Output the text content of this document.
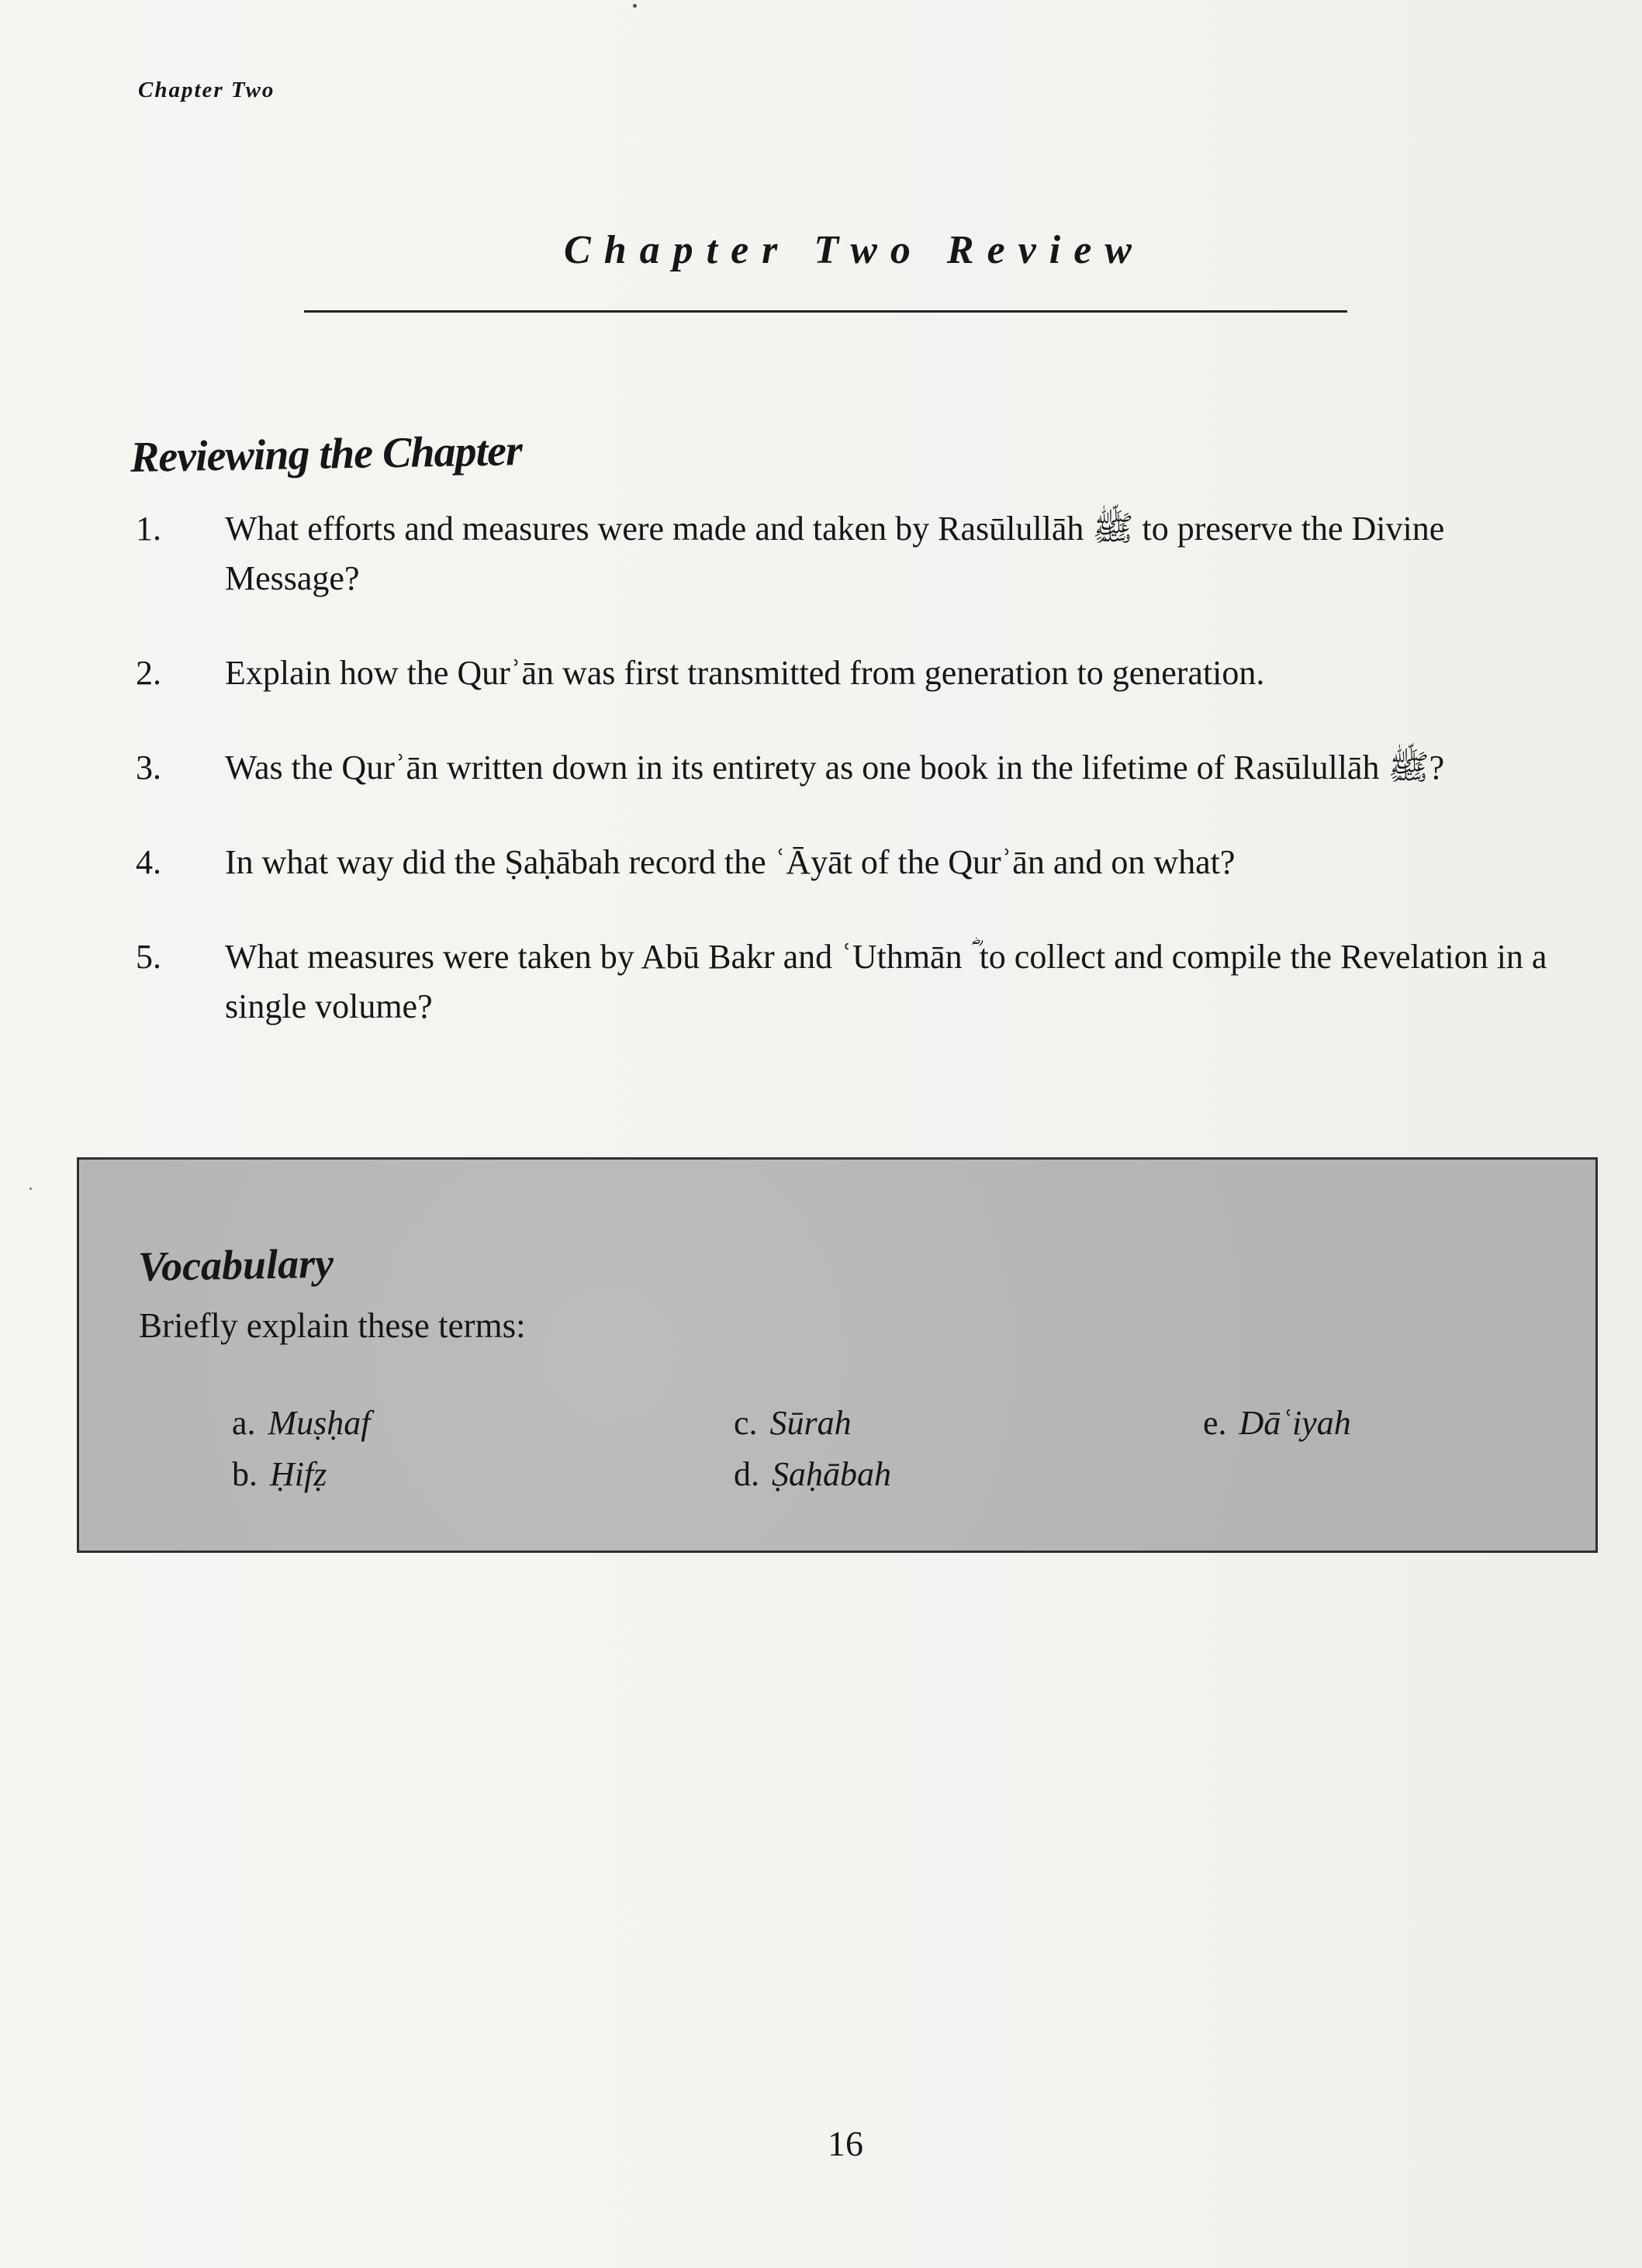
Chapter Two
Chapter Two Review
Reviewing the Chapter
1. What efforts and measures were made and taken by Rasūlullāh ﷺ to preserve the Divine Message?
2. Explain how the Qurʾān was first transmitted from generation to generation.
3. Was the Qurʾān written down in its entirety as one book in the lifetime of Rasūlullāh ﷺ?
4. In what way did the Ṣaḥābah record the ʿĀyāt of the Qurʾān and on what?
5. What measures were taken by Abū Bakr and ʿUthmān ؓ to collect and compile the Revelation in a single volume?
Vocabulary
Briefly explain these terms:
a. Muṣḥaf
b. Ḥifẓ
c. Sūrah
d. Ṣaḥābah
e. Dāʿiyah
16
